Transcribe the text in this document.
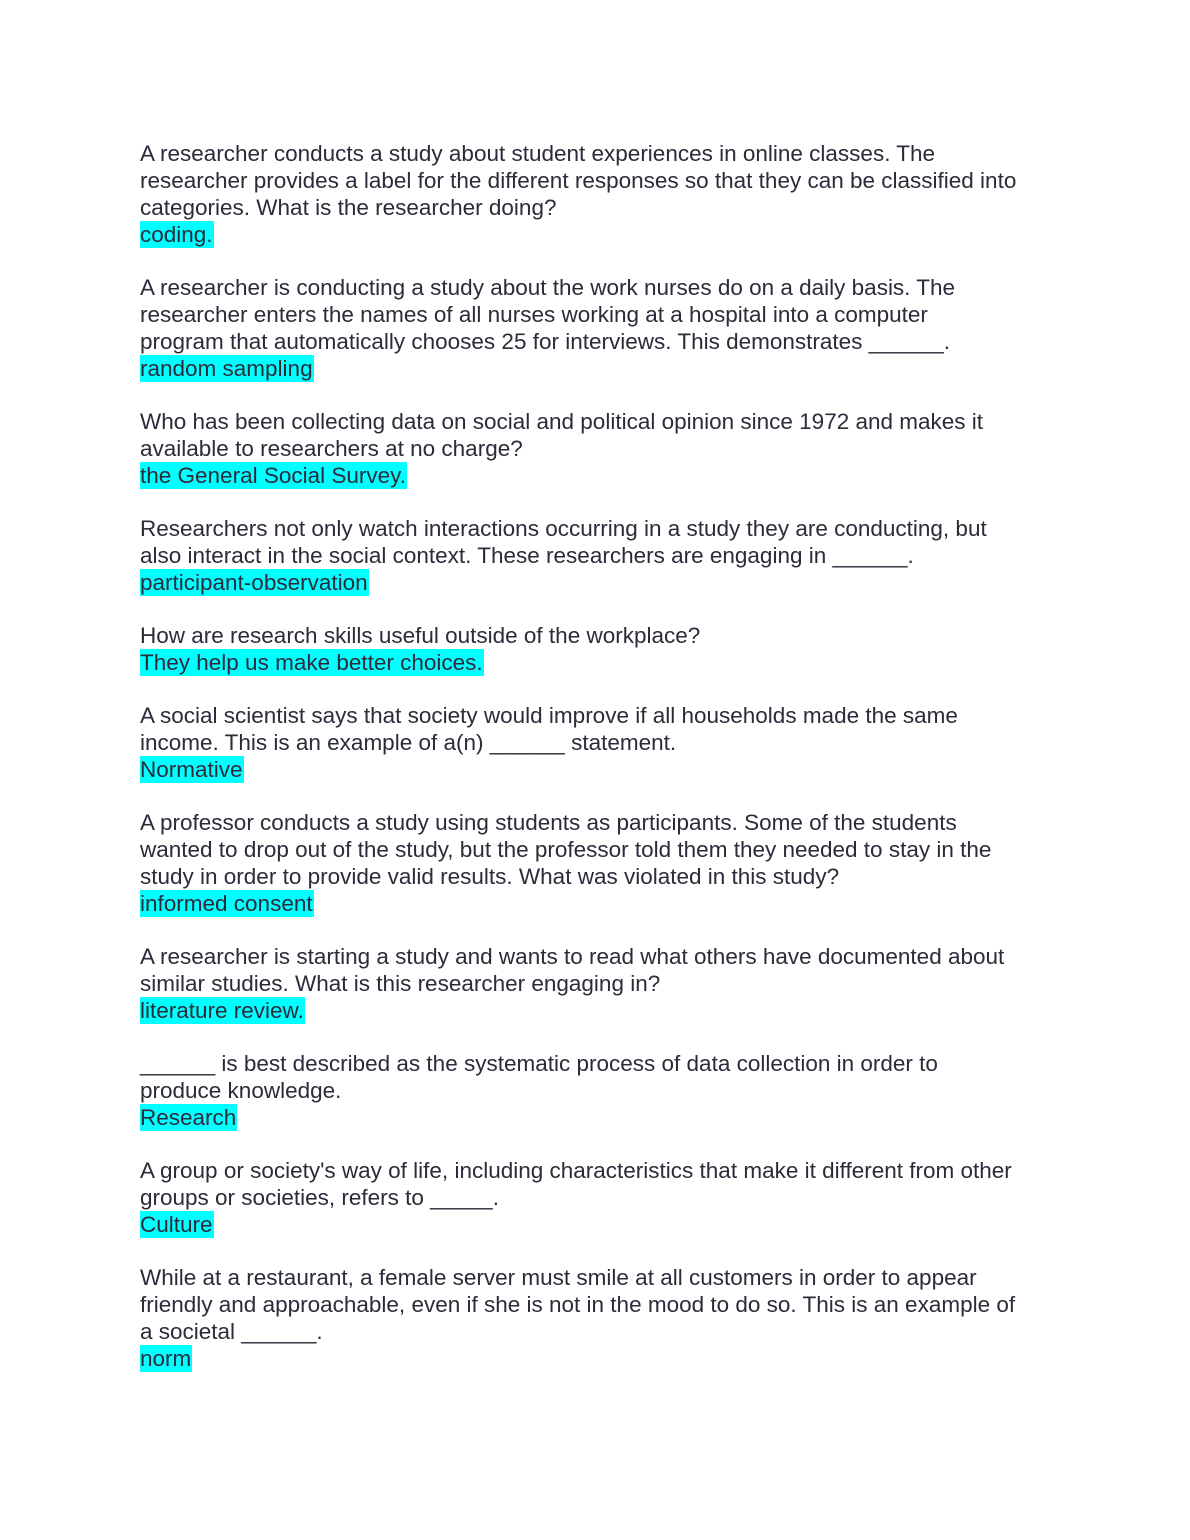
A researcher conducts a study about student experiences in online classes. The
researcher provides a label for the different responses so that they can be classified into
categories. What is the researcher doing?

coding.

A researcher is conducting a study about the work nurses do on a daily basis. The
researcher enters the names of all nurses working at a hospital into a computer
program that automatically chooses 25 for interviews. This demonstrates ______.

random sampling

Who has been collecting data on social and political opinion since 1972 and makes it
available to researchers at no charge?

the General Social Survey.

Researchers not only watch interactions occurring in a study they are conducting, but
also interact in the social context. These researchers are engaging in ______.

participant-observation

How are research skills useful outside of the workplace?

They help us make better choices.

A social scientist says that society would improve if all households made the same
income. This is an example of a(n) ______ statement.

Normative

A professor conducts a study using students as participants. Some of the students
wanted to drop out of the study, but the professor told them they needed to stay in the
study in order to provide valid results. What was violated in this study?

informed consent

A researcher is starting a study and wants to read what others have documented about
similar studies. What is this researcher engaging in?

literature review.

______ is best described as the systematic process of data collection in order to
produce knowledge.

Research

A group or society's way of life, including characteristics that make it different from other
groups or societies, refers to _____.

Culture

While at a restaurant, a female server must smile at all customers in order to appear
friendly and approachable, even if she is not in the mood to do so. This is an example of
a societal ______.

norm
